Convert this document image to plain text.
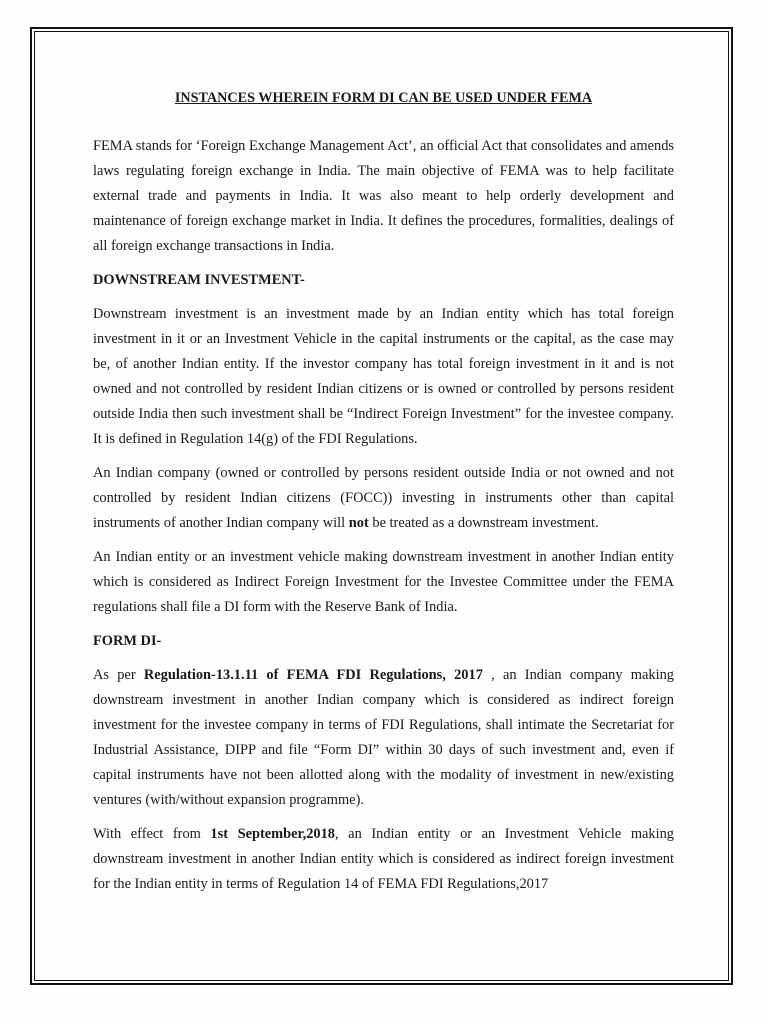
INSTANCES WHEREIN FORM DI CAN BE USED UNDER FEMA

FEMA stands for ‘Foreign Exchange Management Act’, an official Act that consolidates and amends laws regulating foreign exchange in India. The main objective of FEMA was to help facilitate external trade and payments in India. It was also meant to help orderly development and maintenance of foreign exchange market in India. It defines the procedures, formalities, dealings of all foreign exchange transactions in India.

DOWNSTREAM INVESTMENT-

Downstream investment is an investment made by an Indian entity which has total foreign investment in it or an Investment Vehicle in the capital instruments or the capital, as the case may be, of another Indian entity. If the investor company has total foreign investment in it and is not owned and not controlled by resident Indian citizens or is owned or controlled by persons resident outside India then such investment shall be “Indirect Foreign Investment” for the investee company. It is defined in Regulation 14(g) of the FDI Regulations.

An Indian company (owned or controlled by persons resident outside India or not owned and not controlled by resident Indian citizens (FOCC)) investing in instruments other than capital instruments of another Indian company will not be treated as a downstream investment.

An Indian entity or an investment vehicle making downstream investment in another Indian entity which is considered as Indirect Foreign Investment for the Investee Committee under the FEMA regulations shall file a DI form with the Reserve Bank of India.

FORM DI-

As per Regulation-13.1.11 of FEMA FDI Regulations, 2017 , an Indian company making downstream investment in another Indian company which is considered as indirect foreign investment for the investee company in terms of FDI Regulations, shall intimate the Secretariat for Industrial Assistance, DIPP and file “Form DI” within 30 days of such investment and, even if capital instruments have not been allotted along with the modality of investment in new/existing ventures (with/without expansion programme).

With effect from 1st September,2018, an Indian entity or an Investment Vehicle making downstream investment in another Indian entity which is considered as indirect foreign investment for the Indian entity in terms of Regulation 14 of FEMA FDI Regulations,2017
